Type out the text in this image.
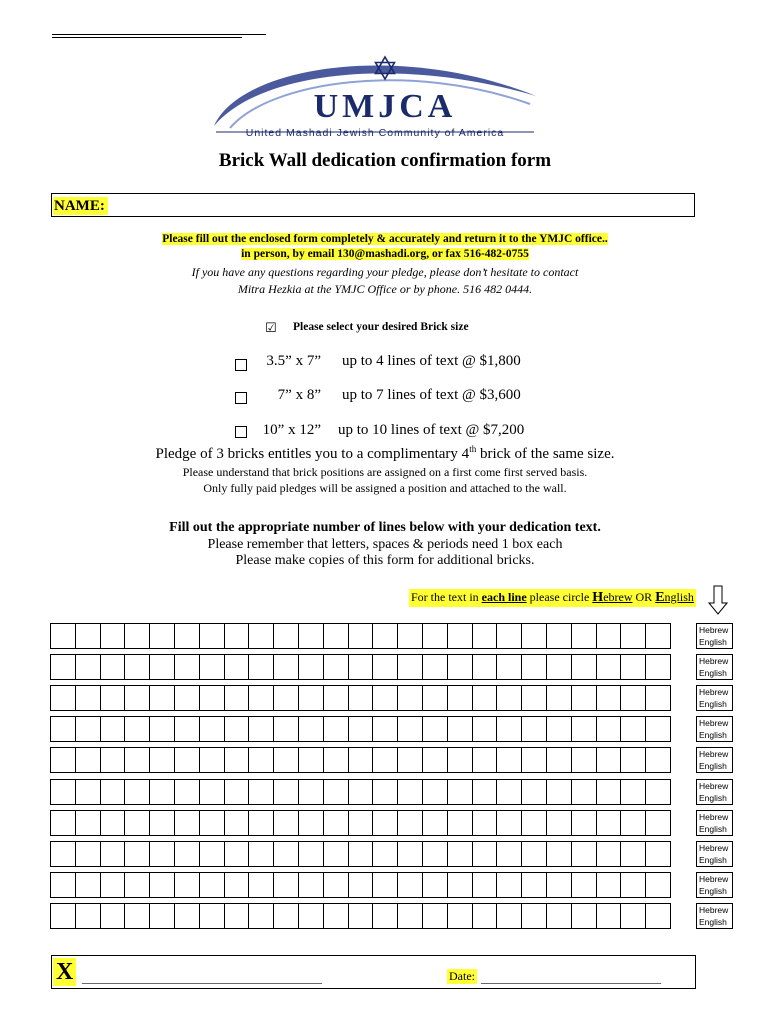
UMJCA
United Mashadi Jewish Community of America
Brick Wall dedication confirmation form
NAME:
Please fill out the enclosed form completely & accurately and return it to the YMJC office..
in person, by email 130@mashadi.org, or fax 516-482-0755
If you have any questions regarding your pledge, please don’t hesitate to contact
Mitra Hezkia at the YMJC Office or by phone. 516 482 0444.
☑ Please select your desired Brick size
3.5” x 7” up to 4 lines of text @ $1,800
7” x 8” up to 7 lines of text @ $3,600
10” x 12” up to 10 lines of text @ $7,200
Pledge of 3 bricks entitles you to a complimentary 4th brick of the same size.
Please understand that brick positions are assigned on a first come first served basis.
Only fully paid pledges will be assigned a position and attached to the wall.
Fill out the appropriate number of lines below with your dedication text.
Please remember that letters, spaces & periods need 1 box each
Please make copies of this form for additional bricks.
For the text in each line please circle Hebrew OR English
Hebrew
English
Hebrew
English
Hebrew
English
Hebrew
English
Hebrew
English
Hebrew
English
Hebrew
English
Hebrew
English
Hebrew
English
Hebrew
English
X ________________________________________	Date: ______________________________
